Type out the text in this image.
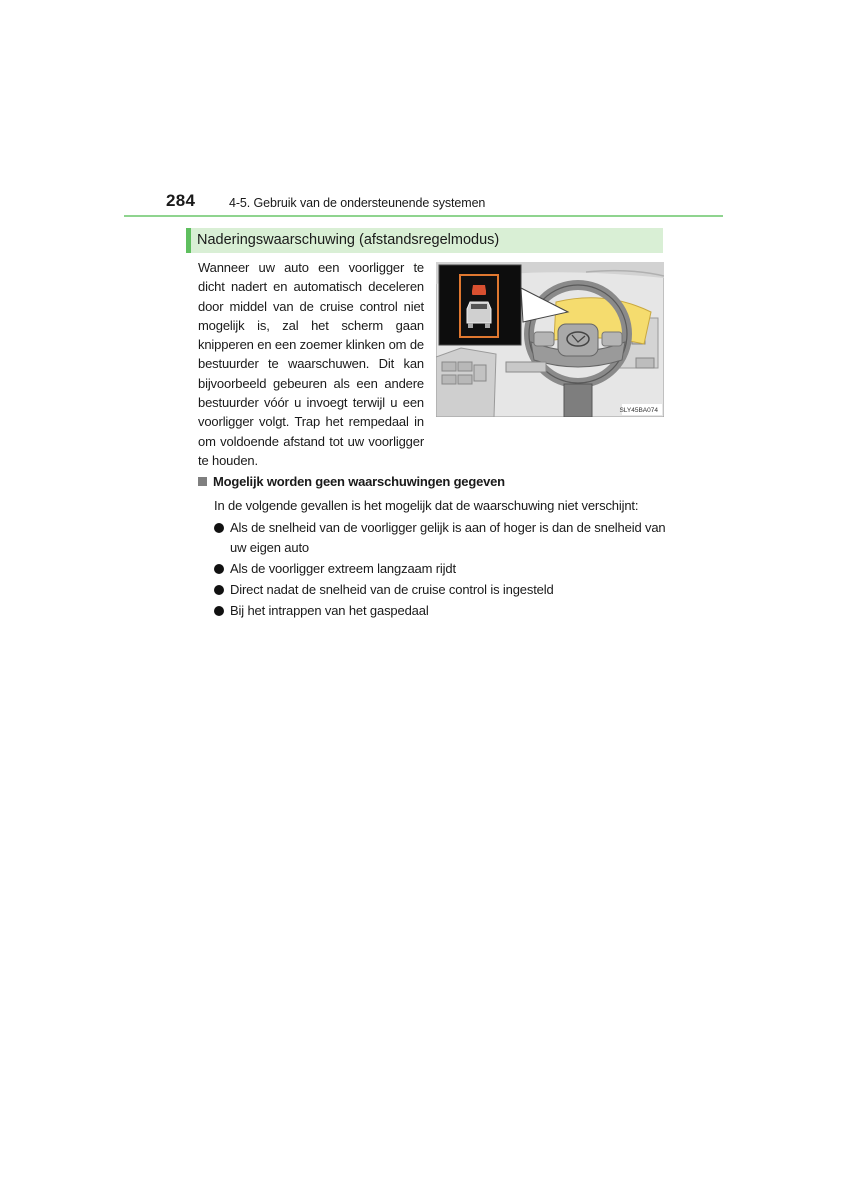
284	4-5. Gebruik van de ondersteunende systemen
Naderingswaarschuwing (afstandsregelmodus)

Wanneer uw auto een voorligger te dicht nadert en automatisch deceleren door middel van de cruise control niet mogelijk is, zal het scherm gaan knipperen en een zoemer klinken om de bestuurder te waarschuwen. Dit kan bijvoorbeeld gebeuren als een andere bestuurder vóór u invoegt terwijl u een voorligger volgt. Trap het rempedaal in om voldoende afstand tot uw voorligger te houden.

SLY45BA074
Mogelijk worden geen waarschuwingen gegeven
In de volgende gevallen is het mogelijk dat de waarschuwing niet verschijnt:
Als de snelheid van de voorligger gelijk is aan of hoger is dan de snelheid van uw eigen auto
Als de voorligger extreem langzaam rijdt
Direct nadat de snelheid van de cruise control is ingesteld
Bij het intrappen van het gaspedaal
